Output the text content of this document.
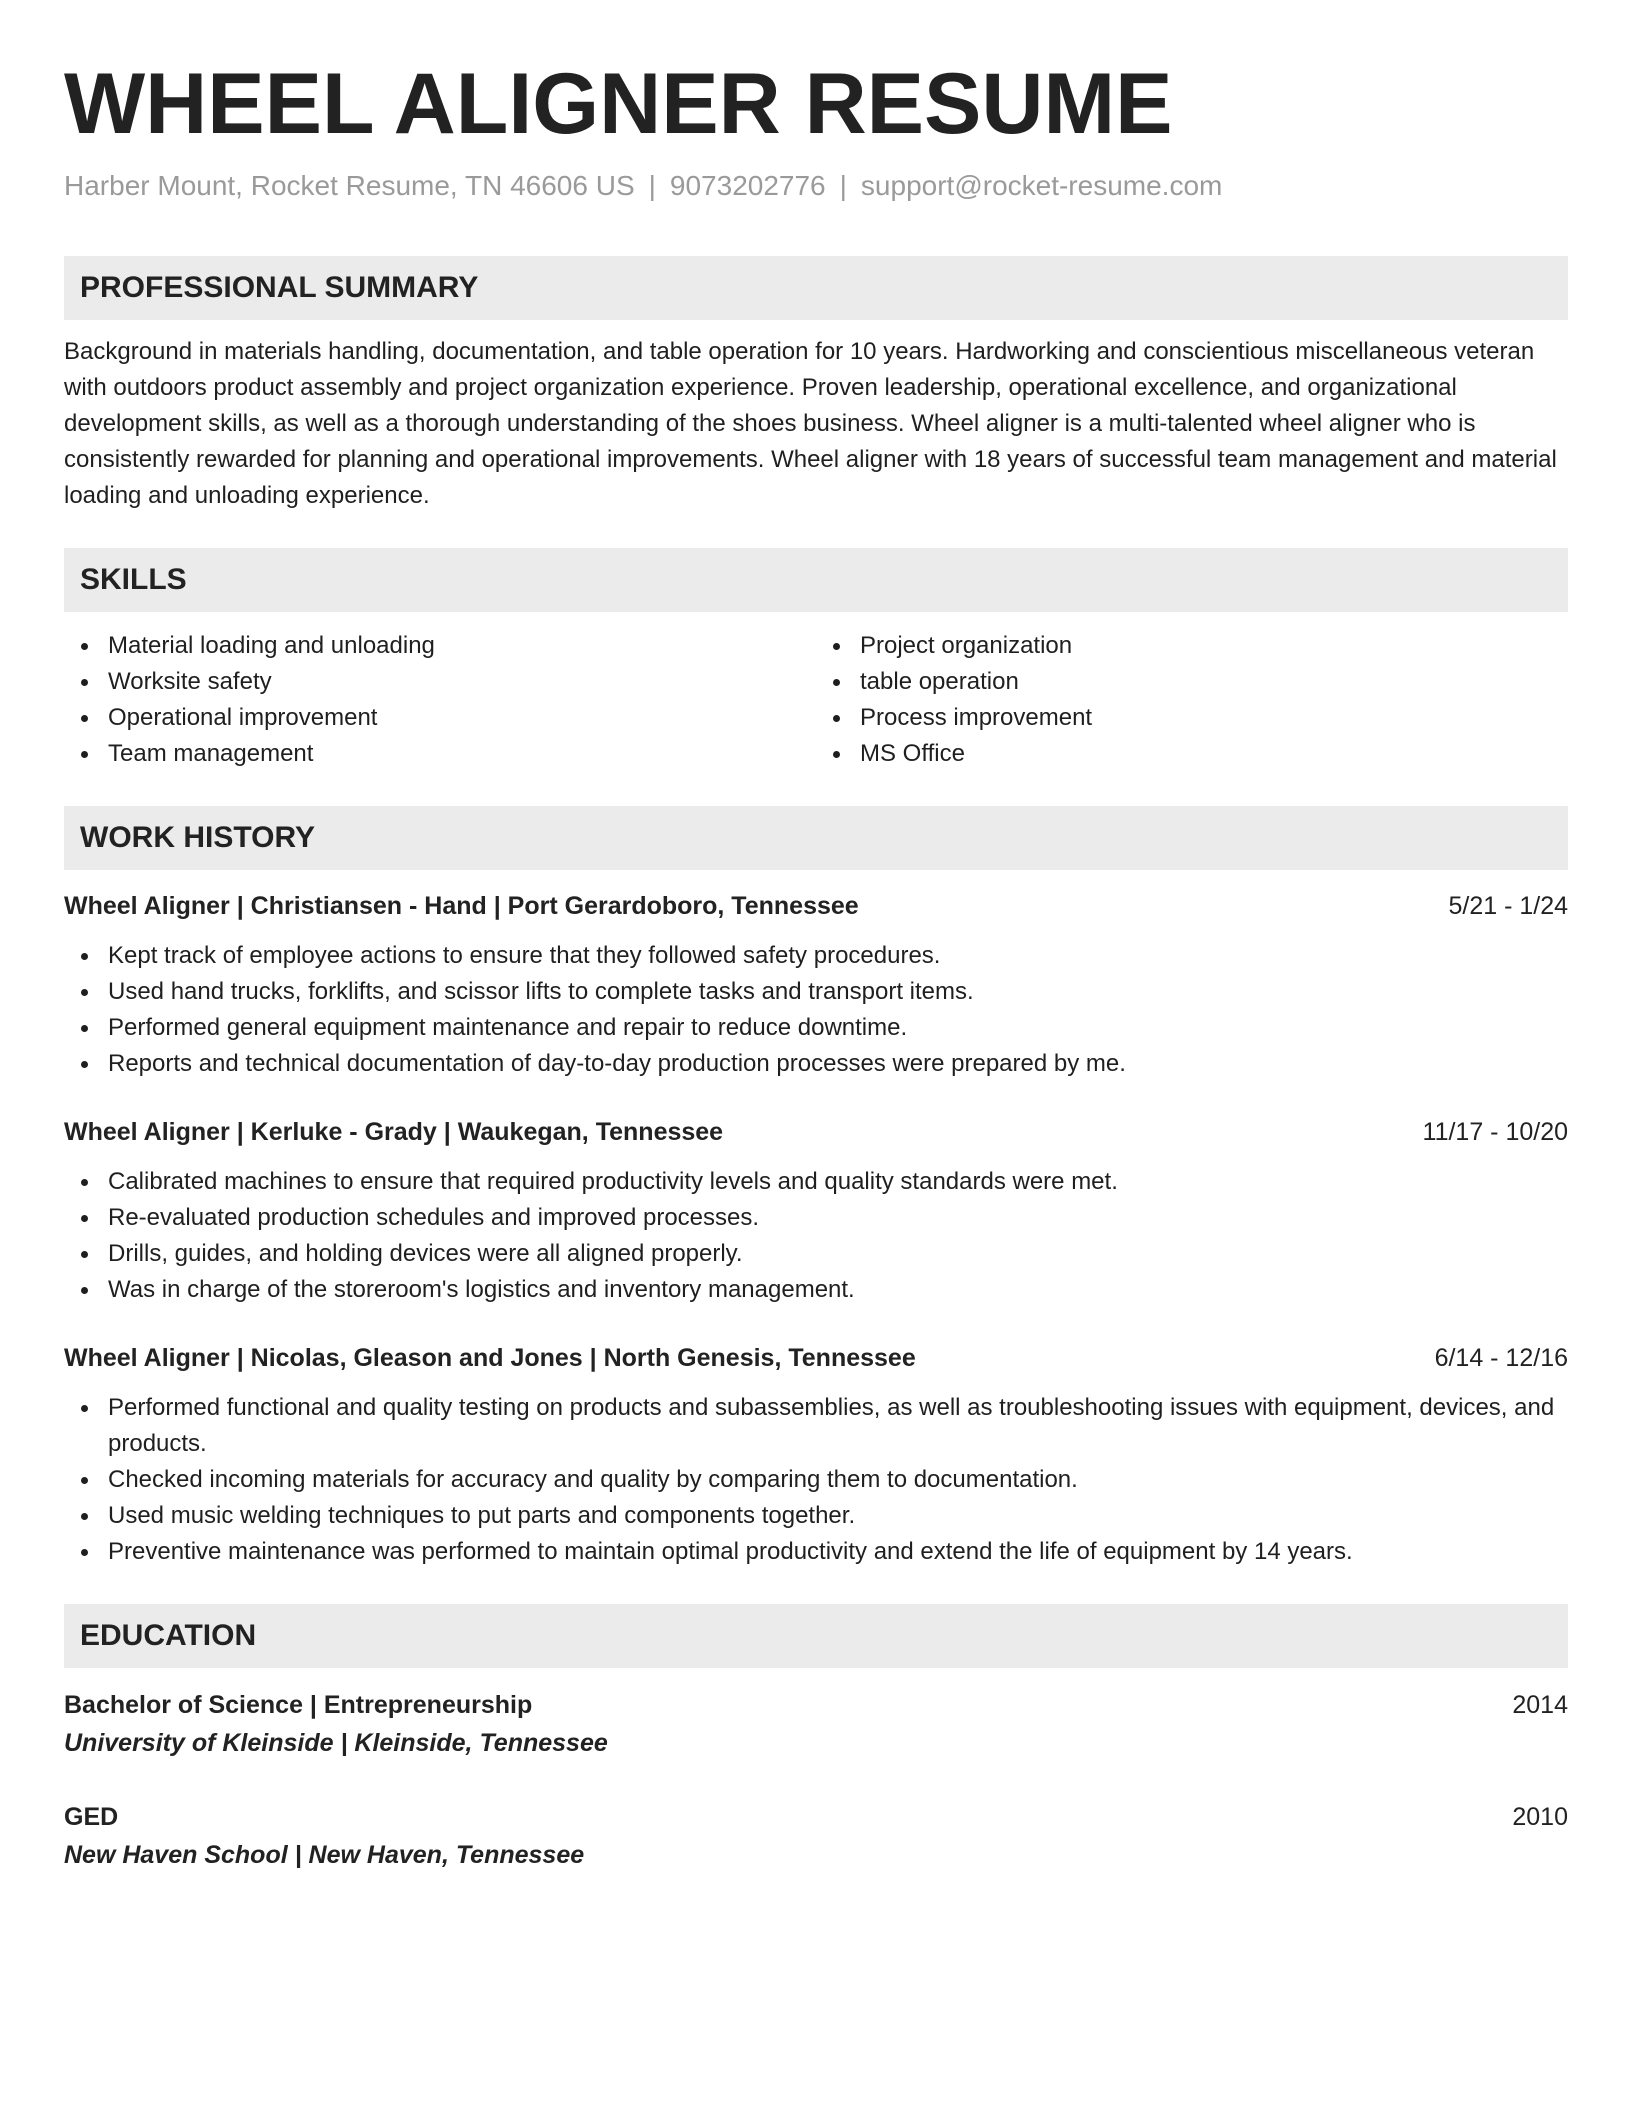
WHEEL ALIGNER RESUME
Harber Mount, Rocket Resume, TN 46606 US | 9073202776 | support@rocket-resume.com
PROFESSIONAL SUMMARY
Background in materials handling, documentation, and table operation for 10 years. Hardworking and conscientious miscellaneous veteran with outdoors product assembly and project organization experience. Proven leadership, operational excellence, and organizational development skills, as well as a thorough understanding of the shoes business. Wheel aligner is a multi-talented wheel aligner who is consistently rewarded for planning and operational improvements. Wheel aligner with 18 years of successful team management and material loading and unloading experience.
SKILLS
Material loading and unloading
Worksite safety
Operational improvement
Team management
Project organization
table operation
Process improvement
MS Office
WORK HISTORY
Wheel Aligner | Christiansen - Hand | Port Gerardoboro, Tennessee	5/21 - 1/24
Kept track of employee actions to ensure that they followed safety procedures.
Used hand trucks, forklifts, and scissor lifts to complete tasks and transport items.
Performed general equipment maintenance and repair to reduce downtime.
Reports and technical documentation of day-to-day production processes were prepared by me.
Wheel Aligner | Kerluke - Grady | Waukegan, Tennessee	11/17 - 10/20
Calibrated machines to ensure that required productivity levels and quality standards were met.
Re-evaluated production schedules and improved processes.
Drills, guides, and holding devices were all aligned properly.
Was in charge of the storeroom's logistics and inventory management.
Wheel Aligner | Nicolas, Gleason and Jones | North Genesis, Tennessee	6/14 - 12/16
Performed functional and quality testing on products and subassemblies, as well as troubleshooting issues with equipment, devices, and products.
Checked incoming materials for accuracy and quality by comparing them to documentation.
Used music welding techniques to put parts and components together.
Preventive maintenance was performed to maintain optimal productivity and extend the life of equipment by 14 years.
EDUCATION
Bachelor of Science | Entrepreneurship	2014
University of Kleinside | Kleinside, Tennessee
GED	2010
New Haven School | New Haven, Tennessee
